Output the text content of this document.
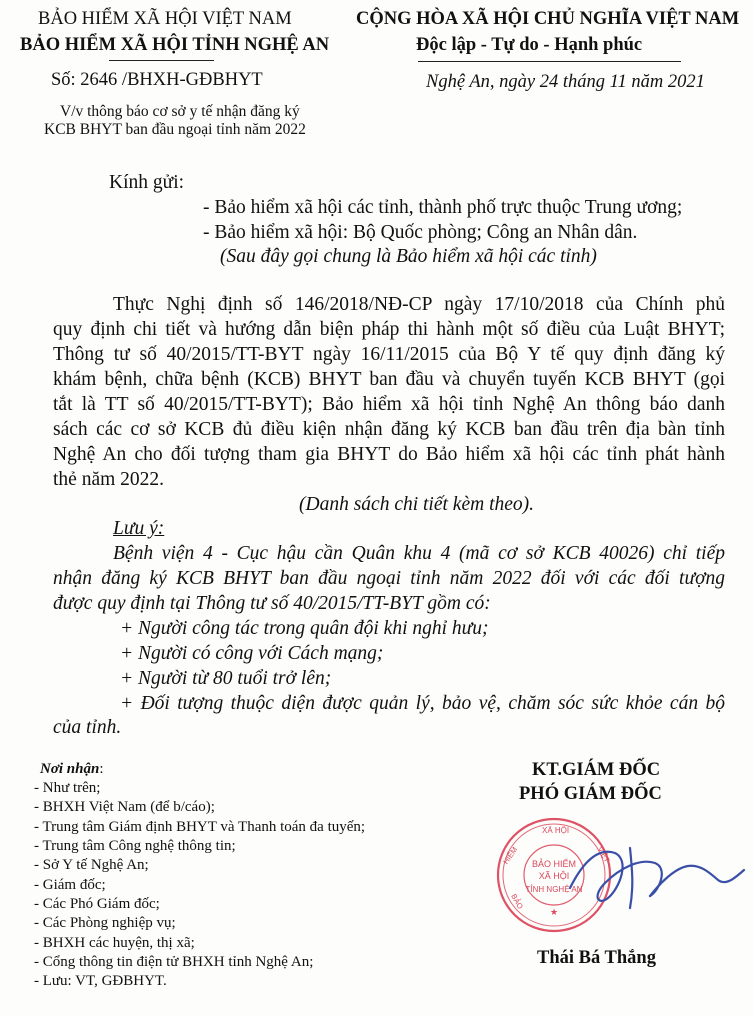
BẢO HIỂM XÃ HỘI VIỆT NAM
BẢO HIỂM XÃ HỘI TỈNH NGHỆ AN
Số: 2646 /BHXH-GĐBHYT
V/v thông báo cơ sở y tế nhận đăng ký
KCB BHYT ban đầu ngoại tỉnh năm 2022
CỘNG HÒA XÃ HỘI CHỦ NGHĨA VIỆT NAM
Độc lập - Tự do - Hạnh phúc
Nghệ An, ngày 24 tháng 11 năm 2021
Kính gửi:
- Bảo hiểm xã hội các tỉnh, thành phố trực thuộc Trung ương;
- Bảo hiểm xã hội: Bộ Quốc phòng; Công an Nhân dân.
(Sau đây gọi chung là Bảo hiểm xã hội các tỉnh)
Thực Nghị định số 146/2018/NĐ-CP ngày 17/10/2018 của Chính phủ
quy định chi tiết và hướng dẫn biện pháp thi hành một số điều của Luật BHYT;
Thông tư số 40/2015/TT-BYT ngày 16/11/2015 của Bộ Y tế quy định đăng ký
khám bệnh, chữa bệnh (KCB) BHYT ban đầu và chuyển tuyến KCB BHYT (gọi
tắt là TT số 40/2015/TT-BYT); Bảo hiểm xã hội tỉnh Nghệ An thông báo danh
sách các cơ sở KCB đủ điều kiện nhận đăng ký KCB ban đầu trên địa bàn tỉnh
Nghệ An cho đối tượng tham gia BHYT do Bảo hiểm xã hội các tỉnh phát hành
thẻ năm 2022.
(Danh sách chi tiết kèm theo).
Lưu ý:
Bệnh viện 4 - Cục hậu cần Quân khu 4 (mã cơ sở KCB 40026) chỉ tiếp
nhận đăng ký KCB BHYT ban đầu ngoại tỉnh năm 2022 đối với các đối tượng
được quy định tại Thông tư số 40/2015/TT-BYT gồm có:
+ Người công tác trong quân đội khi nghỉ hưu;
+ Người có công với Cách mạng;
+ Người từ 80 tuổi trở lên;
+ Đối tượng thuộc diện được quản lý, bảo vệ, chăm sóc sức khỏe cán bộ
của tỉnh.
Nơi nhận:
- Như trên;
- BHXH Việt Nam (để b/cáo);
- Trung tâm Giám định BHYT và Thanh toán đa tuyến;
- Trung tâm Công nghệ thông tin;
- Sở Y tế Nghệ An;
- Giám đốc;
- Các Phó Giám đốc;
- Các Phòng nghiệp vụ;
- BHXH các huyện, thị xã;
- Cổng thông tin điện tử BHXH tỉnh Nghệ An;
- Lưu: VT, GĐBHYT.
KT.GIÁM ĐỐC
PHÓ GIÁM ĐỐC
XÃ HỘI
HIỂM	VIỆT
BẢO
BẢO HIỂM
XÃ HỘI
TỈNH NGHỆ AN
★
Thái Bá Thắng
